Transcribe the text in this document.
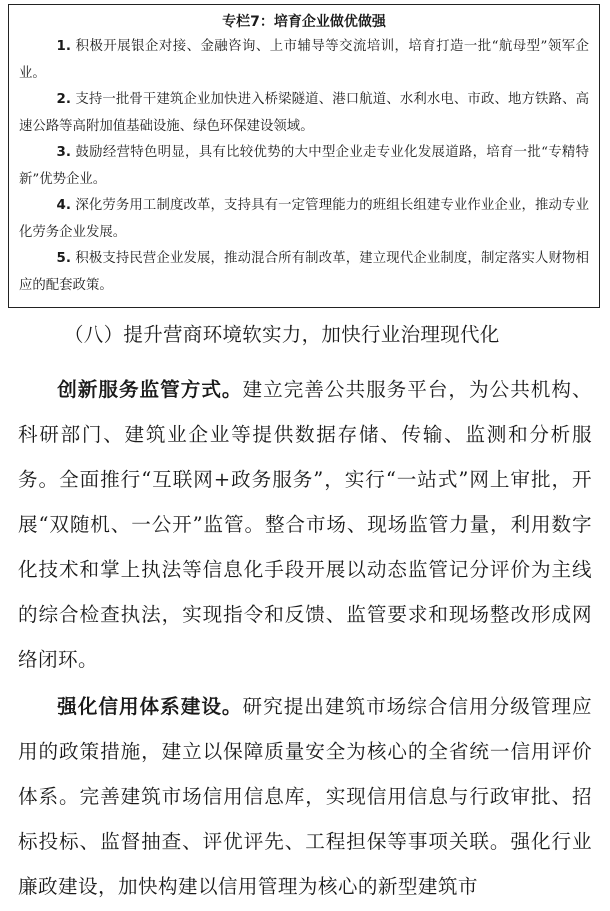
专栏7：培育企业做优做强

1. 积极开展银企对接、金融咨询、上市辅导等交流培训，培育打造一批“航母型”领军企业。

2. 支持一批骨干建筑企业加快进入桥梁隧道、港口航道、水利水电、市政、地方铁路、高速公路等高附加值基础设施、绿色环保建设领域。

3. 鼓励经营特色明显，具有比较优势的大中型企业走专业化发展道路，培育一批“专精特新”优势企业。

4. 深化劳务用工制度改革，支持具有一定管理能力的班组长组建专业作业企业，推动专业化劳务企业发展。

5. 积极支持民营企业发展，推动混合所有制改革，建立现代企业制度，制定落实人财物相应的配套政策。

（八）提升营商环境软实力，加快行业治理现代化

创新服务监管方式。建立完善公共服务平台，为公共机构、科研部门、建筑业企业等提供数据存储、传输、监测和分析服务。全面推行“互联网+政务服务”，实行“一站式”网上审批，开展“双随机、一公开”监管。整合市场、现场监管力量，利用数字化技术和掌上执法等信息化手段开展以动态监管记分评价为主线的综合检查执法，实现指令和反馈、监管要求和现场整改形成网络闭环。

强化信用体系建设。研究提出建筑市场综合信用分级管理应用的政策措施，建立以保障质量安全为核心的全省统一信用评价体系。完善建筑市场信用信息库，实现信用信息与行政审批、招标投标、监督抽查、评优评先、工程担保等事项关联。强化行业廉政建设，加快构建以信用管理为核心的新型建筑市
